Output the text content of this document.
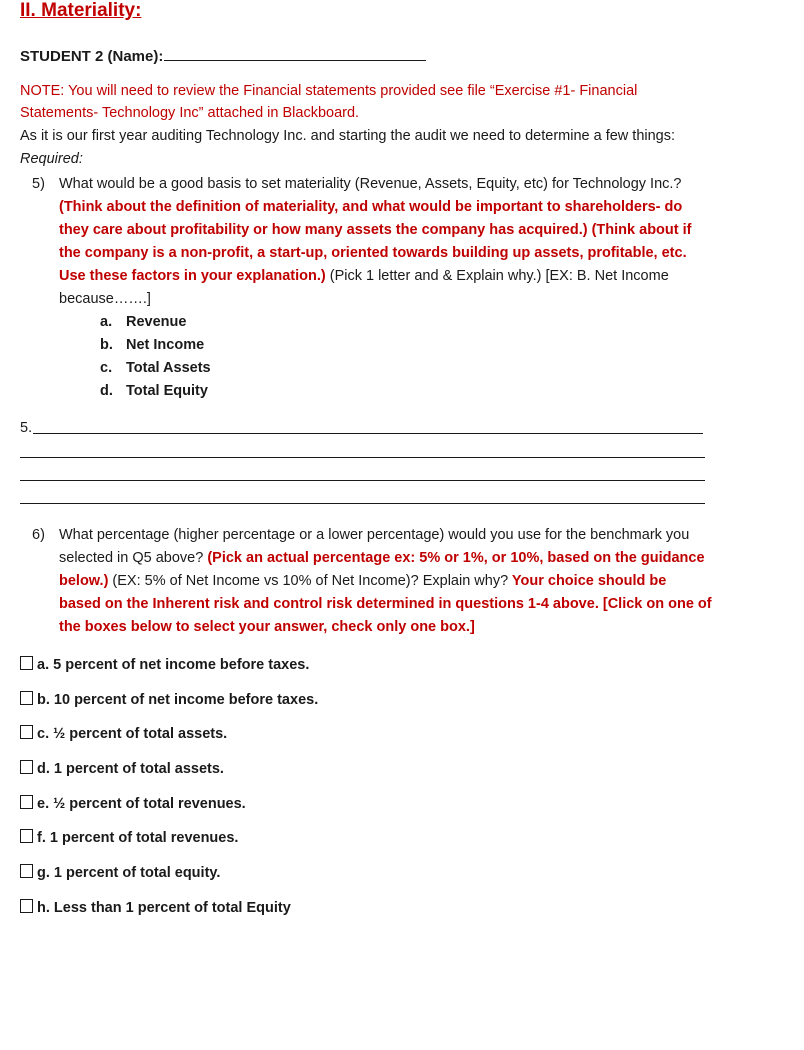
II. Materiality:
STUDENT 2 (Name):
NOTE: You will need to review the Financial statements provided see file “Exercise #1- Financial
Statements- Technology Inc” attached in Blackboard.
As it is our first year auditing Technology Inc. and starting the audit we need to determine a few things:
Required:
5) What would be a good basis to set materiality (Revenue, Assets, Equity, etc) for Technology Inc.? (Think about the definition of materiality, and what would be important to shareholders- do they care about profitability or how many assets the company has acquired.) (Think about if the company is a non-profit, a start-up, oriented towards building up assets, profitable, etc. Use these factors in your explanation.) (Pick 1 letter and & Explain why.) [EX: B. Net Income because…….]
a. Revenue
b. Net Income
c. Total Assets
d. Total Equity
5.
6) What percentage (higher percentage or a lower percentage) would you use for the benchmark you selected in Q5 above? (Pick an actual percentage ex: 5% or 1%, or 10%, based on the guidance below.) (EX: 5% of Net Income vs 10% of Net Income)? Explain why? Your choice should be based on the Inherent risk and control risk determined in questions 1-4 above. [Click on one of the boxes below to select your answer, check only one box.]
a. 5 percent of net income before taxes.
b. 10 percent of net income before taxes.
c. ½ percent of total assets.
d. 1 percent of total assets.
e. ½ percent of total revenues.
f. 1 percent of total revenues.
g. 1 percent of total equity.
h. Less than 1 percent of total Equity
